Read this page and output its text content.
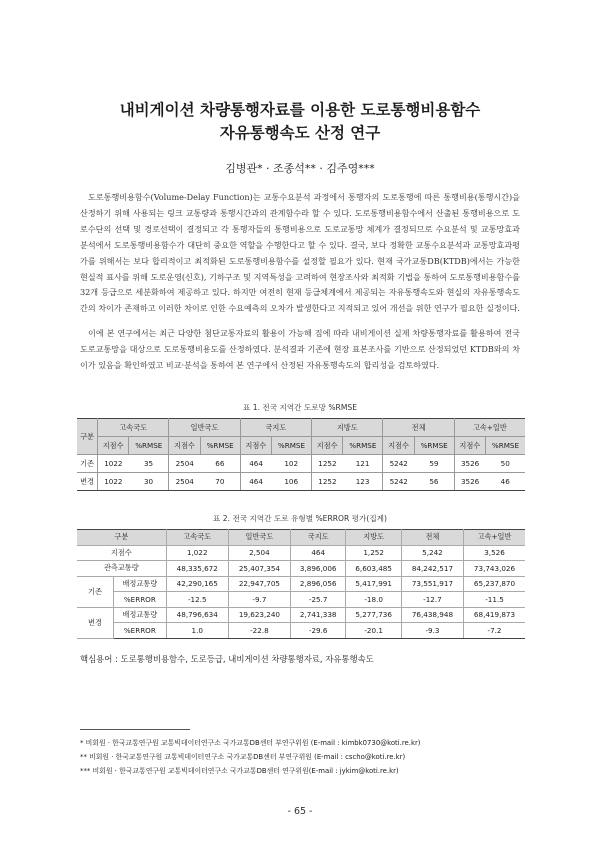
내비게이션 차량통행자료를 이용한 도로통행비용함수
자유통행속도 산정 연구
김병관* · 조종석** · 김주영***

도로통행비용함수(Volume-Delay Function)는 교통수요분석 과정에서 통행자의 도로통행에 따른 통행비용(통행시간)을 산정하기 위해 사용되는 링크 교통량과 통행시간과의 관계함수라 할 수 있다. 도로통행비용함수에서 산출된 통행비용으로 도로수단의 선택 및 경로선택이 결정되고 각 통행자들의 통행비용으로 도로교통망 체계가 결정되므로 수요분석 및 교통망효과분석에서 도로통행비용함수가 대단히 중요한 역할을 수행한다고 할 수 있다. 결국, 보다 정확한 교통수요분석과 교통망효과평가를 위해서는 보다 합리적이고 최적화된 도로통행비용함수를 설정할 필요가 있다. 현재 국가교통DB(KTDB)에서는 가능한 현실적 표사를 위해 도로운영(신호), 기하구조 및 지역특성을 고려하여 현장조사와 최적화 기법을 통하여 도로통행비용함수를 32개 등급으로 세분화하여 제공하고 있다. 하지만 여전히 현재 등급체계에서 제공되는 자유통행속도와 현실의 자유통행속도간의 차이가 존재하고 이러한 차이로 인한 수요예측의 오차가 발생한다고 지적되고 있어 개선을 위한 연구가 필요한 실정이다.

이에 본 연구에서는 최근 다양한 첨단교통자료의 활용이 가능해 짐에 따라 내비게이션 실제 차량통행자료를 활용하여 전국 도로교통망을 대상으로 도로통행비용도를 산정하였다. 분석결과 기존에 현장 표본조사를 기반으로 산정되었던 KTDB와의 차이가 있음을 확인하였고 비교·분석을 통하여 본 연구에서 산정된 자유통행속도의 합리성을 검토하였다.

표 1. 전국 지역간 도로망 %RMSE
구분	고속국도		일반국도		국지도		지방도		전체		고속+일반	
	지점수	%RMSE	지점수	%RMSE	지점수	%RMSE	지점수	%RMSE	지점수	%RMSE	지점수	%RMSE
기존	1022	35	2504	66	464	102	1252	121	5242	59	3526	50
변경	1022	30	2504	70	464	106	1252	123	5242	56	3526	46
표 2. 전국 지역간 도로 유형별 %ERROR 평가(집계)
구분		고속국도	일반국도	국지도	지방도	전체	고속+일반
지점수		1,022	2,504	464	1,252	5,242	3,526
관측교통량		48,335,672	25,407,354	3,896,006	6,603,485	84,242,517	73,743,026
기존	배정교통량	42,290,165	22,947,705	2,896,056	5,417,991	73,551,917	65,237,870
	%ERROR	-12.5	-9.7	-25.7	-18.0	-12.7	-11.5
변경	배정교통량	48,796,634	19,623,240	2,741,338	5,277,736	76,438,948	68,419,873
	%ERROR	1.0	-22.8	-29.6	-20.1	-9.3	-7.2
핵심용어 : 도로통행비용함수, 도로등급, 내비게이션 차량통행자료, 자유통행속도
* 비회원 · 한국교통연구원 교통빅데이터연구소 국가교통DB센터 부연구위원 (E-mail : kimbk0730@koti.re.kr)
** 비회원 · 한국교통연구원 교통빅데이터연구소 국가교통DB센터 부연구위원 (E-mail : cscho@koti.re.kr)
*** 비회원 · 한국교통연구원 교통빅데이터연구소 국가교통DB센터 연구위원(E-mail : jykim@koti.re.kr)
- 65 -
